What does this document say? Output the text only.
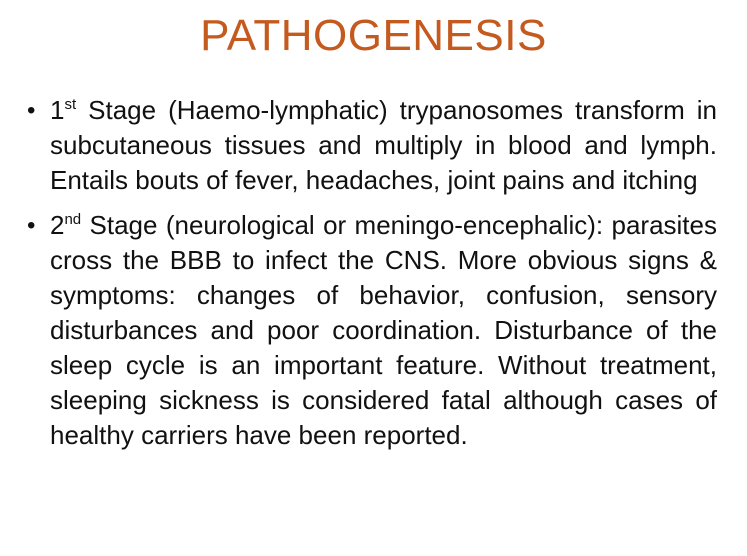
PATHOGENESIS
• 1st Stage (Haemo-lymphatic) trypanosomes transform in subcutaneous tissues and multiply in blood and lymph. Entails bouts of fever, headaches, joint pains and itching
• 2nd Stage (neurological or meningo-encephalic): parasites cross the BBB to infect the CNS. More obvious signs & symptoms: changes of behavior, confusion, sensory disturbances and poor coordination. Disturbance of the sleep cycle is an important feature. Without treatment, sleeping sickness is considered fatal although cases of healthy carriers have been reported.
